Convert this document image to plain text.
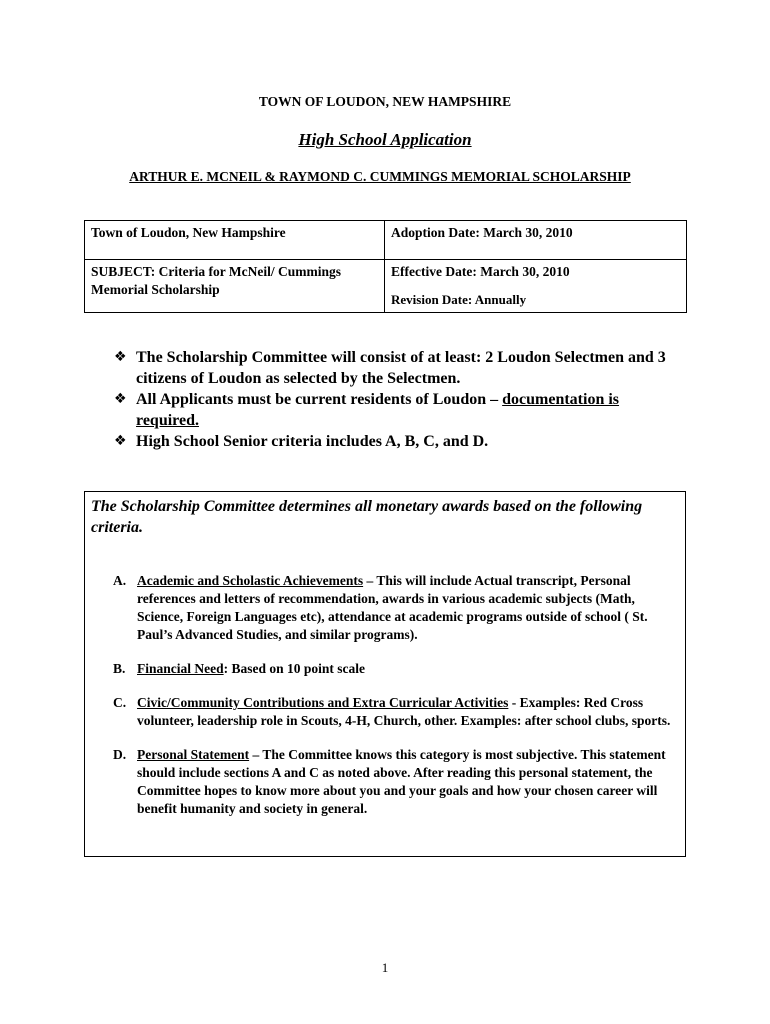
TOWN OF LOUDON, NEW HAMPSHIRE
High School Application
ARTHUR E. MCNEIL & RAYMOND C. CUMMINGS MEMORIAL SCHOLARSHIP
Town of Loudon, New Hampshire	Adoption Date: March 30, 2010
SUBJECT: Criteria for McNeil/ Cummings Memorial Scholarship	Effective Date: March 30, 2010
Revision Date: Annually
❖ The Scholarship Committee will consist of at least: 2 Loudon Selectmen and 3 citizens of Loudon as selected by the Selectmen.
❖ All Applicants must be current residents of Loudon – documentation is required.
❖ High School Senior criteria includes A, B, C, and D.
The Scholarship Committee determines all monetary awards based on the following criteria.
A. Academic and Scholastic Achievements – This will include Actual transcript, Personal references and letters of recommendation, awards in various academic subjects (Math, Science, Foreign Languages etc), attendance at academic programs outside of school ( St. Paul’s Advanced Studies, and similar programs).
B. Financial Need: Based on 10 point scale
C. Civic/Community Contributions and Extra Curricular Activities - Examples: Red Cross volunteer, leadership role in Scouts, 4-H, Church, other. Examples: after school clubs, sports.
D. Personal Statement – The Committee knows this category is most subjective. This statement should include sections A and C as noted above. After reading this personal statement, the Committee hopes to know more about you and your goals and how your chosen career will benefit humanity and society in general.
1
